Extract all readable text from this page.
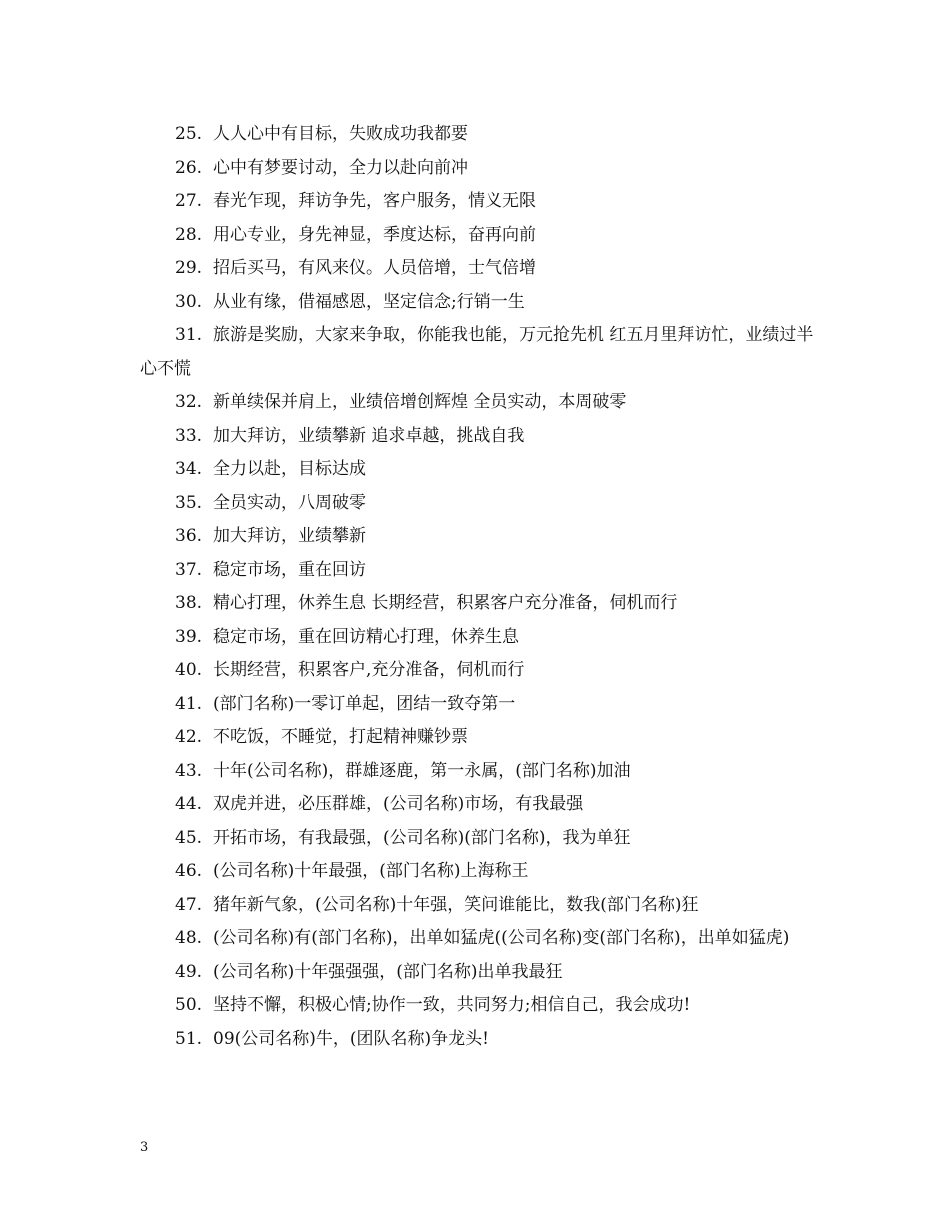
25. 人人心中有目标，失败成功我都要

26. 心中有梦要讨动，全力以赴向前冲

27. 春光乍现，拜访争先，客户服务，情义无限

28. 用心专业，身先神显，季度达标，奋再向前

29. 招后买马，有风来仪。人员倍增，士气倍增

30. 从业有缘，借福感恩，坚定信念;行销一生

31. 旅游是奖励，大家来争取，你能我也能，万元抢先机 红五月里拜访忙，业绩过半心不慌

32. 新单续保并肩上，业绩倍增创辉煌 全员实动，本周破零

33. 加大拜访，业绩攀新 追求卓越，挑战自我

34. 全力以赴，目标达成

35. 全员实动，八周破零

36. 加大拜访，业绩攀新

37. 稳定市场，重在回访

38. 精心打理，休养生息 长期经营，积累客户充分准备，伺机而行

39. 稳定市场，重在回访精心打理，休养生息

40. 长期经营，积累客户,充分准备，伺机而行

41. (部门名称)一零订单起，团结一致夺第一

42. 不吃饭，不睡觉，打起精神赚钞票

43. 十年(公司名称)，群雄逐鹿，第一永属，(部门名称)加油

44. 双虎并进，必压群雄，(公司名称)市场，有我最强

45. 开拓市场，有我最强，(公司名称)(部门名称)，我为单狂

46. (公司名称)十年最强，(部门名称)上海称王

47. 猪年新气象，(公司名称)十年强，笑问谁能比，数我(部门名称)狂

48. (公司名称)有(部门名称)，出单如猛虎((公司名称)变(部门名称)，出单如猛虎)

49. (公司名称)十年强强强，(部门名称)出单我最狂

50. 坚持不懈，积极心情;协作一致，共同努力;相信自己，我会成功!

51. 09(公司名称)牛，(团队名称)争龙头!

3
